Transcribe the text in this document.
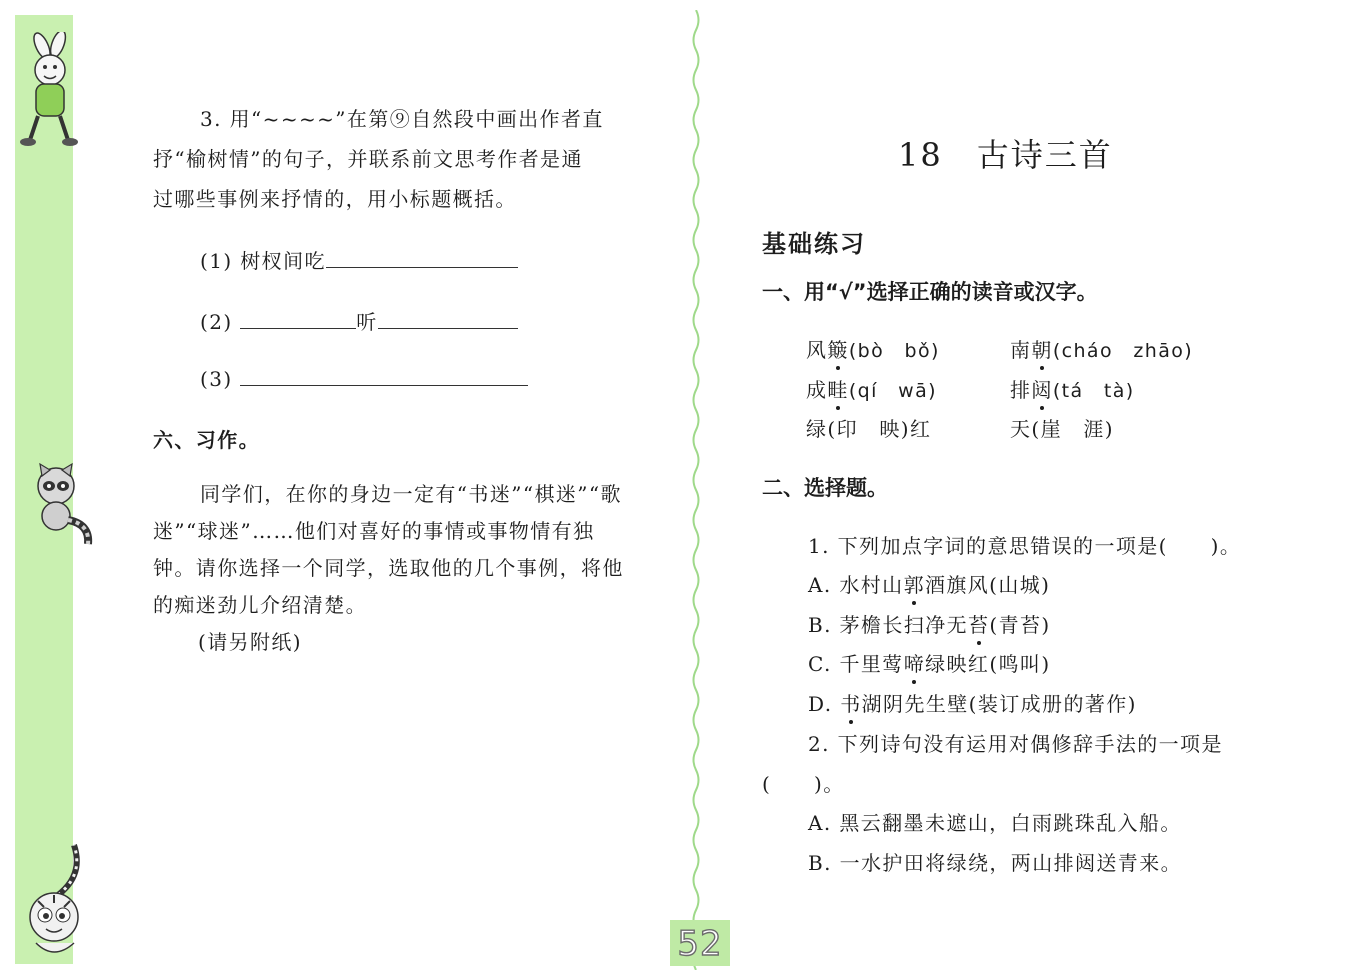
52
3. 用“~~~~”在第⑨自然段中画出作者直
抒“榆树情”的句子，并联系前文思考作者是通
过哪些事例来抒情的，用小标题概括。
(1) 树杈间吃
(2)	听
(3)
六、习作。
同学们，在你的身边一定有“书迷”“棋迷”“歌
迷”“球迷”……他们对喜好的事情或事物情有独
钟。请你选择一个同学，选取他的几个事例，将他
的痴迷劲儿介绍清楚。
(请另附纸)
18　古诗三首
基础练习
一、用“√”选择正确的读音或汉字。
风簸(bò　bǒ)	南朝(cháo　zhāo)
成畦(qí　wā)	排闼(tá　tà)
绿(印　映)红	天(崖　涯)
二、选择题。
1. 下列加点字词的意思错误的一项是(　　)。
A. 水村山郭酒旗风(山城)
B. 茅檐长扫净无苔(青苔)
C. 千里莺啼绿映红(鸣叫)
D. 书湖阴先生壁(装订成册的著作)
2. 下列诗句没有运用对偶修辞手法的一项是
(　　)。
A. 黑云翻墨未遮山，白雨跳珠乱入船。
B. 一水护田将绿绕，两山排闼送青来。
